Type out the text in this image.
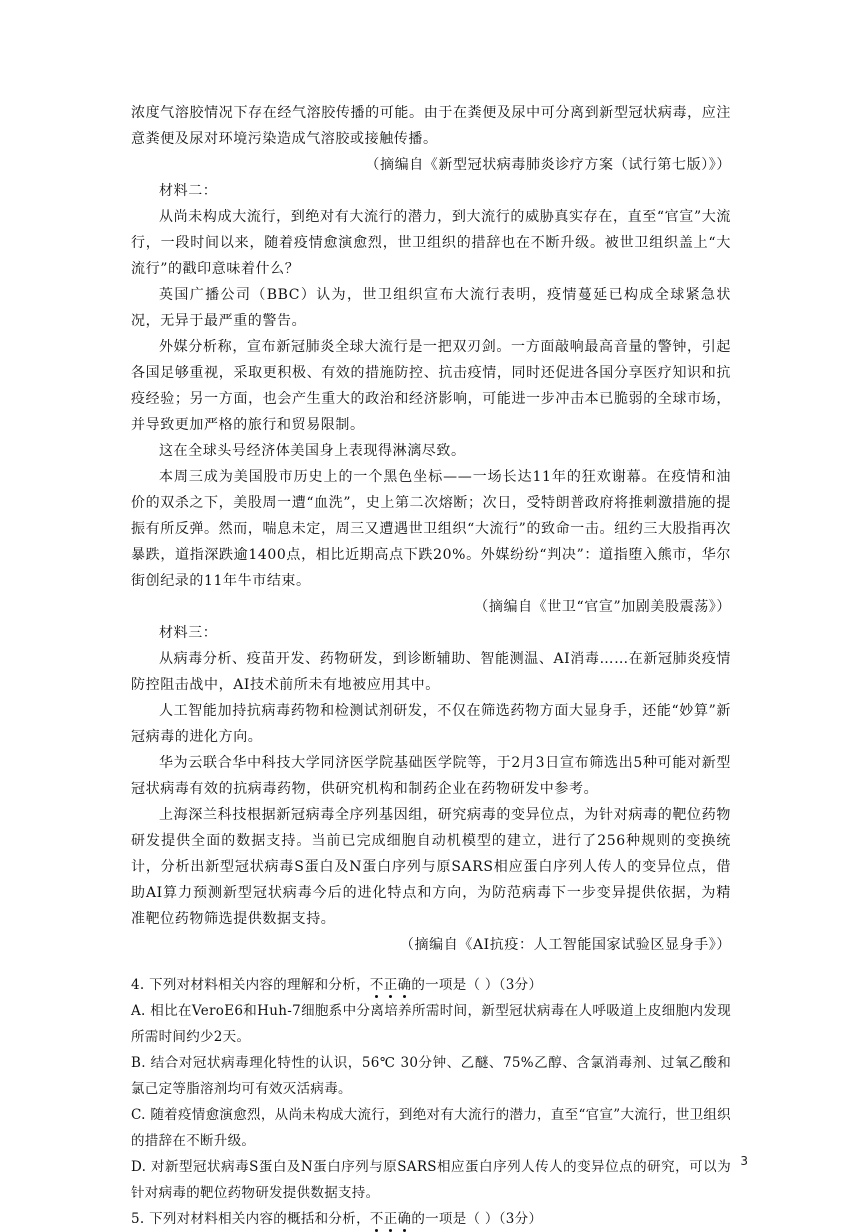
浓度气溶胶情况下存在经气溶胶传播的可能。由于在粪便及尿中可分离到新型冠状病毒，应注意粪便及尿对环境污染造成气溶胶或接触传播。

（摘编自《新型冠状病毒肺炎诊疗方案（试行第七版）》）

材料二：

从尚未构成大流行，到绝对有大流行的潜力，到大流行的威胁真实存在，直至“官宣”大流行，一段时间以来，随着疫情愈演愈烈，世卫组织的措辞也在不断升级。被世卫组织盖上“大流行”的戳印意味着什么？

英国广播公司（BBC）认为，世卫组织宣布大流行表明，疫情蔓延已构成全球紧急状况，无异于最严重的警告。

外媒分析称，宣布新冠肺炎全球大流行是一把双刃剑。一方面敲响最高音量的警钟，引起各国足够重视，采取更积极、有效的措施防控、抗击疫情，同时还促进各国分享医疗知识和抗疫经验；另一方面，也会产生重大的政治和经济影响，可能进一步冲击本已脆弱的全球市场，并导致更加严格的旅行和贸易限制。

这在全球头号经济体美国身上表现得淋漓尽致。

本周三成为美国股市历史上的一个黑色坐标——一场长达11年的狂欢谢幕。在疫情和油价的双杀之下，美股周一遭“血洗”，史上第二次熔断；次日，受特朗普政府将推刺激措施的提振有所反弹。然而，喘息未定，周三又遭遇世卫组织“大流行”的致命一击。纽约三大股指再次暴跌，道指深跌逾1400点，相比近期高点下跌20%。外媒纷纷“判决”：道指堕入熊市，华尔街创纪录的11年牛市结束。

（摘编自《世卫“官宣”加剧美股震荡》）

材料三：

从病毒分析、疫苗开发、药物研发，到诊断辅助、智能测温、AI消毒……在新冠肺炎疫情防控阻击战中，AI技术前所未有地被应用其中。

人工智能加持抗病毒药物和检测试剂研发，不仅在筛选药物方面大显身手，还能“妙算”新冠病毒的进化方向。

华为云联合华中科技大学同济医学院基础医学院等，于2月3日宣布筛选出5种可能对新型冠状病毒有效的抗病毒药物，供研究机构和制药企业在药物研发中参考。

上海深兰科技根据新冠病毒全序列基因组，研究病毒的变异位点，为针对病毒的靶位药物研发提供全面的数据支持。当前已完成细胞自动机模型的建立，进行了256种规则的变换统计，分析出新型冠状病毒S蛋白及N蛋白序列与原SARS相应蛋白序列人传人的变异位点，借助AI算力预测新型冠状病毒今后的进化特点和方向，为防范病毒下一步变异提供依据，为精准靶位药物筛选提供数据支持。

（摘编自《AI抗疫：人工智能国家试验区显身手》）

4. 下列对材料相关内容的理解和分析，不正确的一项是（ ）（3分）

A. 相比在VeroE6和Huh-7细胞系中分离培养所需时间，新型冠状病毒在人呼吸道上皮细胞内发现所需时间约少2天。

B. 结合对冠状病毒理化特性的认识，56℃ 30分钟、乙醚、75%乙醇、含氯消毒剂、过氧乙酸和氯己定等脂溶剂均可有效灭活病毒。

C. 随着疫情愈演愈烈，从尚未构成大流行，到绝对有大流行的潜力，直至“官宣”大流行，世卫组织的措辞在不断升级。

D. 对新型冠状病毒S蛋白及N蛋白序列与原SARS相应蛋白序列人传人的变异位点的研究，可以为针对病毒的靶位药物研发提供数据支持。

5. 下列对材料相关内容的概括和分析，不正确的一项是（ ）（3分）

3
